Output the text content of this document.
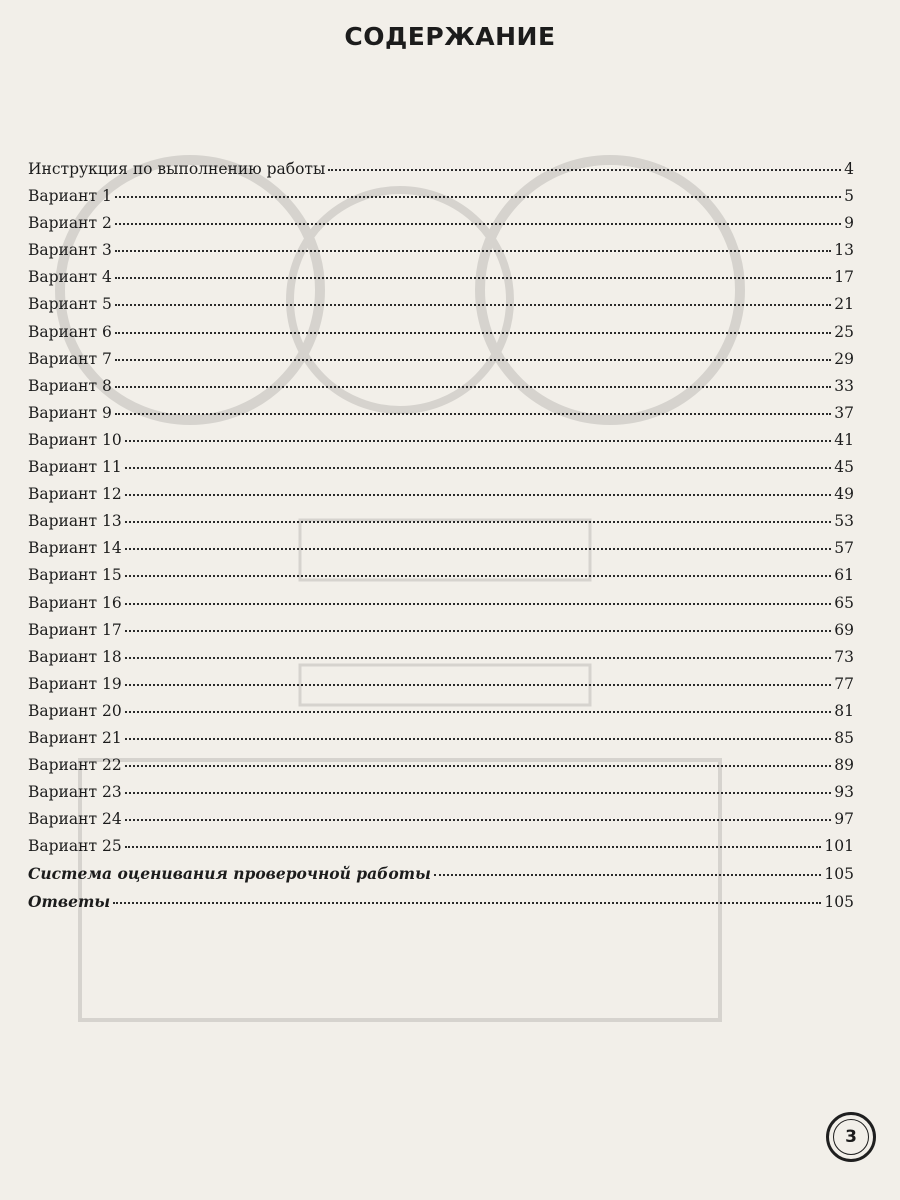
СОДЕРЖАНИЕ
Инструкция по выполнению работы	4
Вариант 1	5
Вариант 2	9
Вариант 3	13
Вариант 4	17
Вариант 5	21
Вариант 6	25
Вариант 7	29
Вариант 8	33
Вариант 9	37
Вариант 10	41
Вариант 11	45
Вариант 12	49
Вариант 13	53
Вариант 14	57
Вариант 15	61
Вариант 16	65
Вариант 17	69
Вариант 18	73
Вариант 19	77
Вариант 20	81
Вариант 21	85
Вариант 22	89
Вариант 23	93
Вариант 24	97
Вариант 25	101
Система оценивания проверочной работы	105
Ответы	105
3
